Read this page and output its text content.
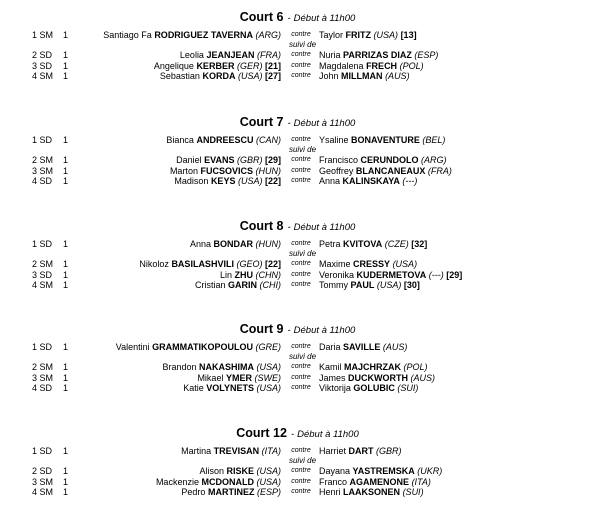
Court 6 - Début à 11h00
1 SM	1	Santiago Fa RODRIGUEZ TAVERNA (ARG)	contre Taylor FRITZ (USA) [13]
suivi de
2 SD	1	Leolia JEANJEAN (FRA)	contre Nuria PARRIZAS DIAZ (ESP)
3 SD	1	Angelique KERBER (GER) [21]	contre Magdalena FRECH (POL)
4 SM	1	Sebastian KORDA (USA) [27]	contre John MILLMAN (AUS)
Court 7 - Début à 11h00
1 SD	1	Bianca ANDREESCU (CAN)	contre Ysaline BONAVENTURE (BEL)
suivi de
2 SM	1	Daniel EVANS (GBR) [29]	contre Francisco CERUNDOLO (ARG)
3 SM	1	Marton FUCSOVICS (HUN)	contre Geoffrey BLANCANEAUX (FRA)
4 SD	1	Madison KEYS (USA) [22]	contre Anna KALINSKAYA (---)
Court 8 - Début à 11h00
1 SD	1	Anna BONDAR (HUN)	contre Petra KVITOVA (CZE) [32]
suivi de
2 SM	1	Nikoloz BASILASHVILI (GEO) [22]	contre Maxime CRESSY (USA)
3 SD	1	Lin ZHU (CHN)	contre Veronika KUDERMETOVA (---) [29]
4 SM	1	Cristian GARIN (CHI)	contre Tommy PAUL (USA) [30]
Court 9 - Début à 11h00
1 SD	1	Valentini GRAMMATIKOPOULOU (GRE)	contre Daria SAVILLE (AUS)
suivi de
2 SM	1	Brandon NAKASHIMA (USA)	contre Kamil MAJCHRZAK (POL)
3 SM	1	Mikael YMER (SWE)	contre James DUCKWORTH (AUS)
4 SD	1	Katie VOLYNETS (USA)	contre Viktorija GOLUBIC (SUI)
Court 12 - Début à 11h00
1 SD	1	Martina TREVISAN (ITA)	contre Harriet DART (GBR)
suivi de
2 SD	1	Alison RISKE (USA)	contre Dayana YASTREMSKA (UKR)
3 SM	1	Mackenzie MCDONALD (USA)	contre Franco AGAMENONE (ITA)
4 SM	1	Pedro MARTINEZ (ESP)	contre Henri LAAKSONEN (SUI)
